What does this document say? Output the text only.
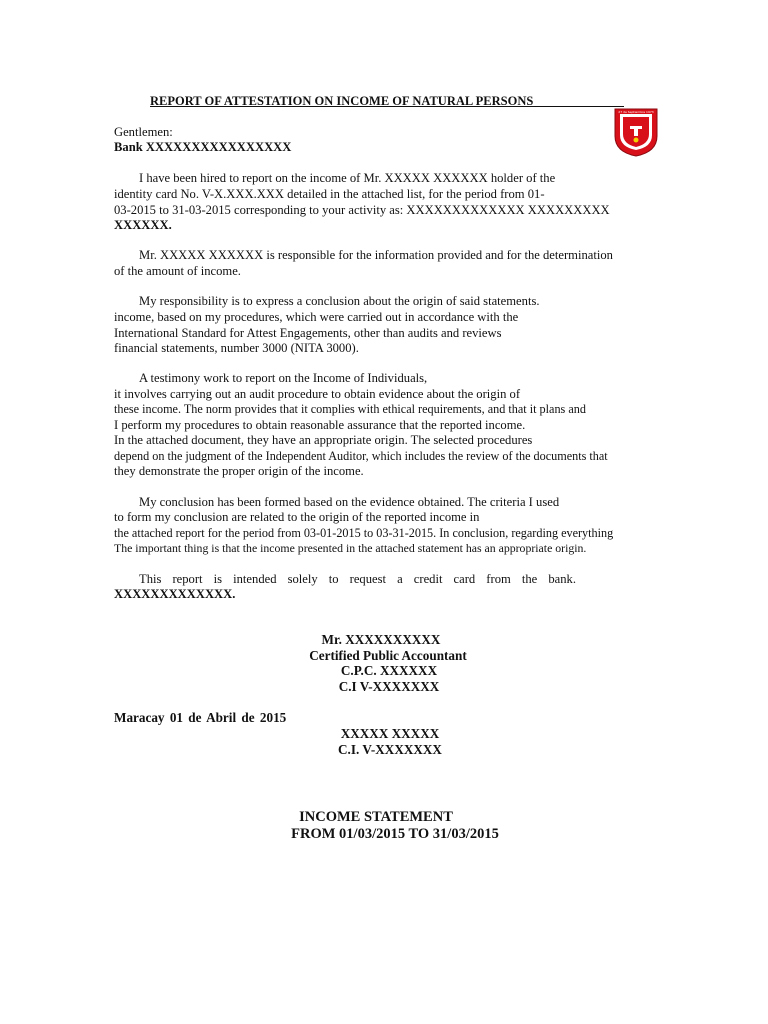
REPORT OF ATTESTATION ON INCOME OF NATURAL PERSONS
27 de Septiembre 1973
Gentlemen:
Bank XXXXXXXXXXXXXXXX
I have been hired to report on the income of Mr. XXXXX XXXXXX holder of the
identity card No. V-X.XXX.XXX detailed in the attached list, for the period from 01-
03-2015 to 31-03-2015 corresponding to your activity as: XXXXXXXXXXXXX XXXXXXXXX
XXXXXX.
Mr. XXXXX XXXXXX is responsible for the information provided and for the determination
of the amount of income.
My responsibility is to express a conclusion about the origin of said statements.
income, based on my procedures, which were carried out in accordance with the
International Standard for Attest Engagements, other than audits and reviews
financial statements, number 3000 (NITA 3000).
A testimony work to report on the Income of Individuals,
it involves carrying out an audit procedure to obtain evidence about the origin of
these income. The norm provides that it complies with ethical requirements, and that it plans and
I perform my procedures to obtain reasonable assurance that the reported income.
In the attached document, they have an appropriate origin. The selected procedures
depend on the judgment of the Independent Auditor, which includes the review of the documents that
they demonstrate the proper origin of the income.
My conclusion has been formed based on the evidence obtained. The criteria I used
to form my conclusion are related to the origin of the reported income in
the attached report for the period from 03-01-2015 to 03-31-2015. In conclusion, regarding everything
The important thing is that the income presented in the attached statement has an appropriate origin.
This report is intended solely to request a credit card from the bank.
XXXXXXXXXXXXX.
Mr. XXXXXXXXXX
Certified Public Accountant
C.P.C. XXXXXX
C.I V-XXXXXXX
Maracay 01 de Abril de 2015
XXXXX XXXXX
C.I. V-XXXXXXX
INCOME STATEMENT
FROM 01/03/2015 TO 31/03/2015
